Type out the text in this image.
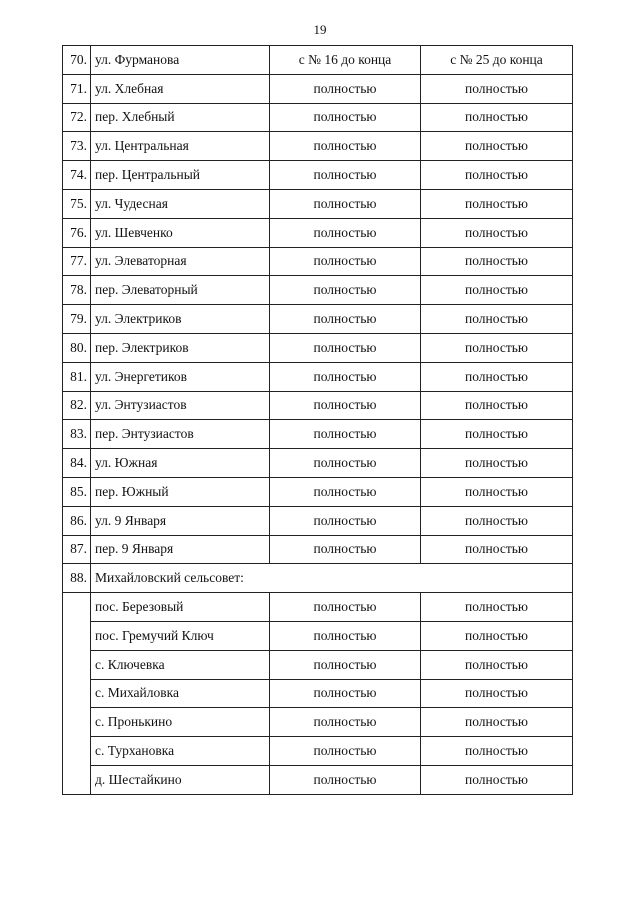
19
70.	ул. Фурманова	с № 16 до конца	с № 25 до конца
71.	ул. Хлебная	полностью	полностью
72.	пер. Хлебный	полностью	полностью
73.	ул. Центральная	полностью	полностью
74.	пер. Центральный	полностью	полностью
75.	ул. Чудесная	полностью	полностью
76.	ул. Шевченко	полностью	полностью
77.	ул. Элеваторная	полностью	полностью
78.	пер. Элеваторный	полностью	полностью
79.	ул. Электриков	полностью	полностью
80.	пер. Электриков	полностью	полностью
81.	ул. Энергетиков	полностью	полностью
82.	ул. Энтузиастов	полностью	полностью
83.	пер. Энтузиастов	полностью	полностью
84.	ул. Южная	полностью	полностью
85.	пер. Южный	полностью	полностью
86.	ул. 9 Января	полностью	полностью
87.	пер. 9 Января	полностью	полностью
88.	Михайловский сельсовет:		
	пос. Березовый	полностью	полностью
	пос. Гремучий Ключ	полностью	полностью
	с. Ключевка	полностью	полностью
	с. Михайловка	полностью	полностью
	с. Пронькино	полностью	полностью
	с. Турхановка	полностью	полностью
	д. Шестайкино	полностью	полностью
